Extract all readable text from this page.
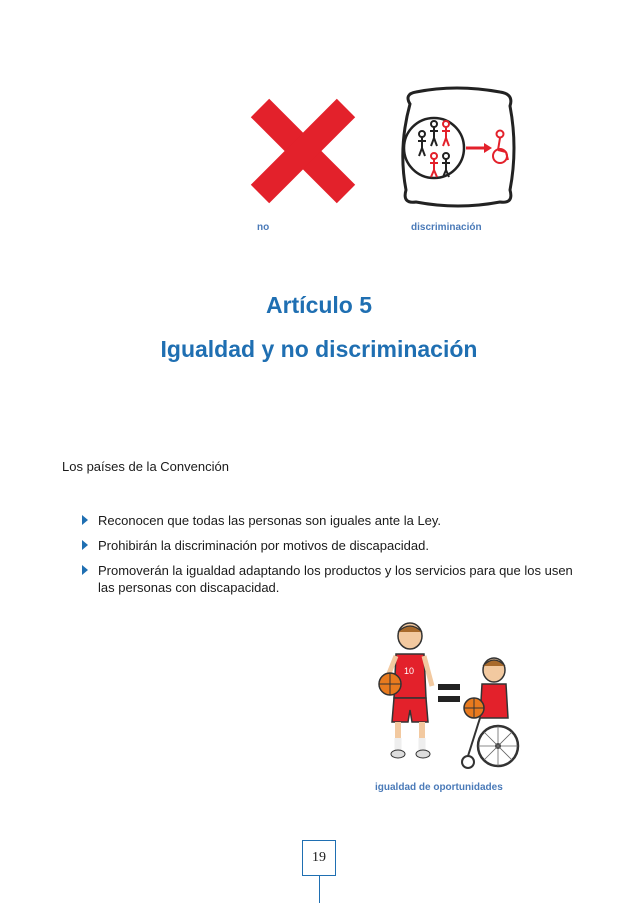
no	discriminación
Artículo 5
Igualdad y no discriminación
Los países de la Convención
Reconocen que todas las personas son iguales ante la Ley.
Prohibirán la discriminación por motivos de discapacidad.
Promoverán la igualdad adaptando los productos y los servicios para que los usen las personas con discapacidad.
10
igualdad de oportunidades
19
